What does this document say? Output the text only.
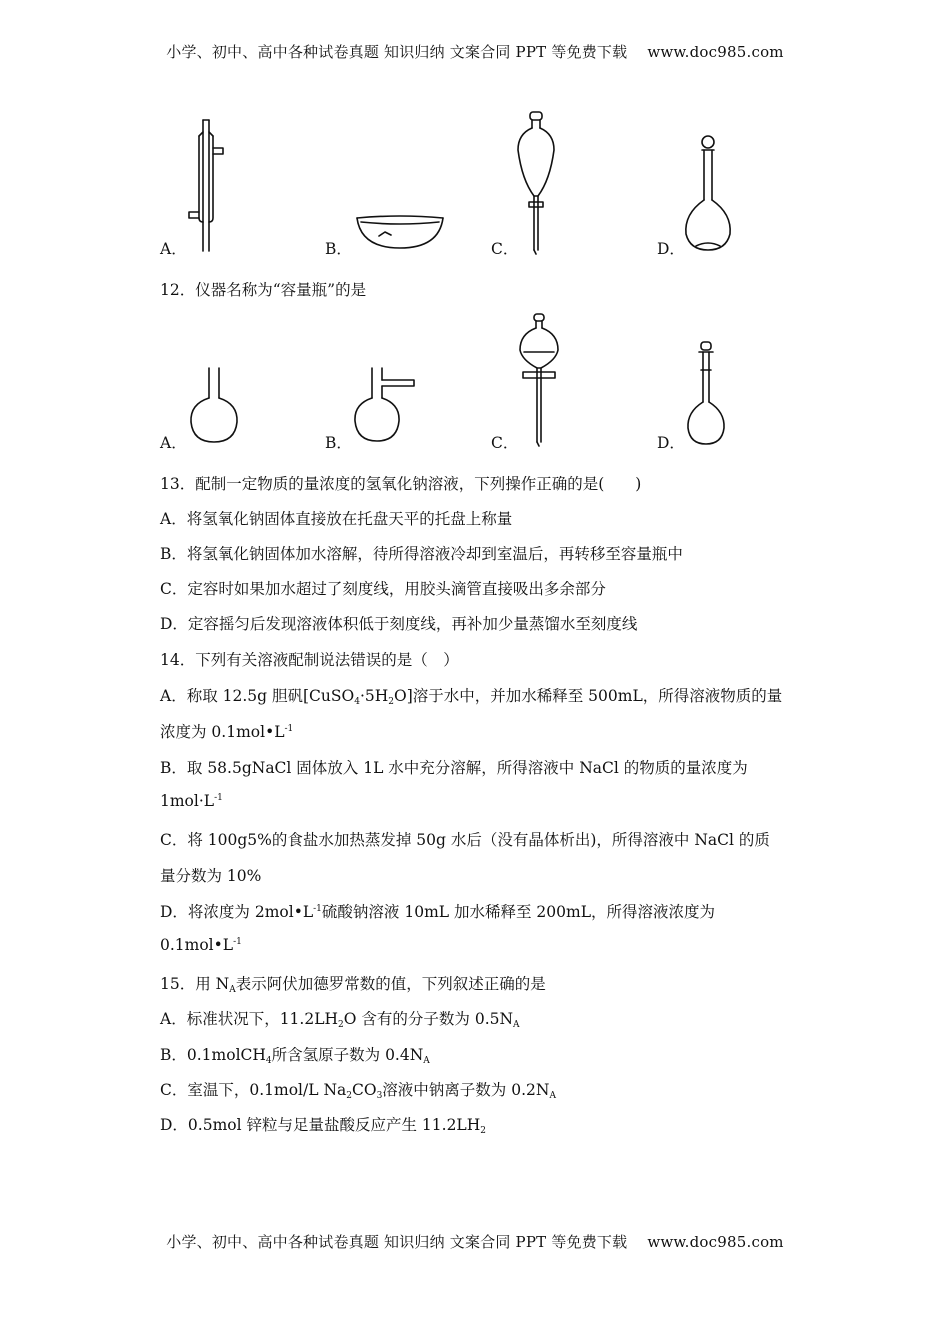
小学、初中、高中各种试卷真题 知识归纳 文案合同 PPT 等免费下载 www.doc985.com
A．	B．	C．	D．
12．仪器名称为“容量瓶”的是
A．	B．	C．	D．
13．配制一定物质的量浓度的氢氧化钠溶液，下列操作正确的是(　　)
A．将氢氧化钠固体直接放在托盘天平的托盘上称量
B．将氢氧化钠固体加水溶解，待所得溶液冷却到室温后，再转移至容量瓶中
C．定容时如果加水超过了刻度线，用胶头滴管直接吸出多余部分
D．定容摇匀后发现溶液体积低于刻度线，再补加少量蒸馏水至刻度线
14．下列有关溶液配制说法错误的是（　）
A．称取 12.5g 胆矾$[CuSO_4\cdot 5H_2O]$溶于水中，并加水稀释至 500mL，所得溶液物质的量
浓度为 $0.1mol•L^{-1}$
B．取 58.5gNaCl 固体放入 1L 水中充分溶解，所得溶液中 NaCl 的物质的量浓度为
$1mol\cdot L^{-1}$
C．将 100g5%的食盐水加热蒸发掉 50g 水后（没有晶体析出)，所得溶液中 NaCl 的质
量分数为 10%
D．将浓度为 $2mol•L^{-1}$硫酸钠溶液 10mL 加水稀释至 200mL，所得溶液浓度为
$0.1mol•L^{-1}$
15．用 $N_A$表示阿伏加德罗常数的值，下列叙述正确的是
A．标准状况下，$11.2LH_2O$ 含有的分子数为 $0.5N_A$
B．0.1molCH$_4$所含氢原子数为 $0.4N_A$
C．室温下，0.1mol/L $Na_2CO_3$溶液中钠离子数为 $0.2N_A$
D．0.5mol 锌粒与足量盐酸反应产生 $11.2LH_2$
小学、初中、高中各种试卷真题 知识归纳 文案合同 PPT 等免费下载 www.doc985.com
